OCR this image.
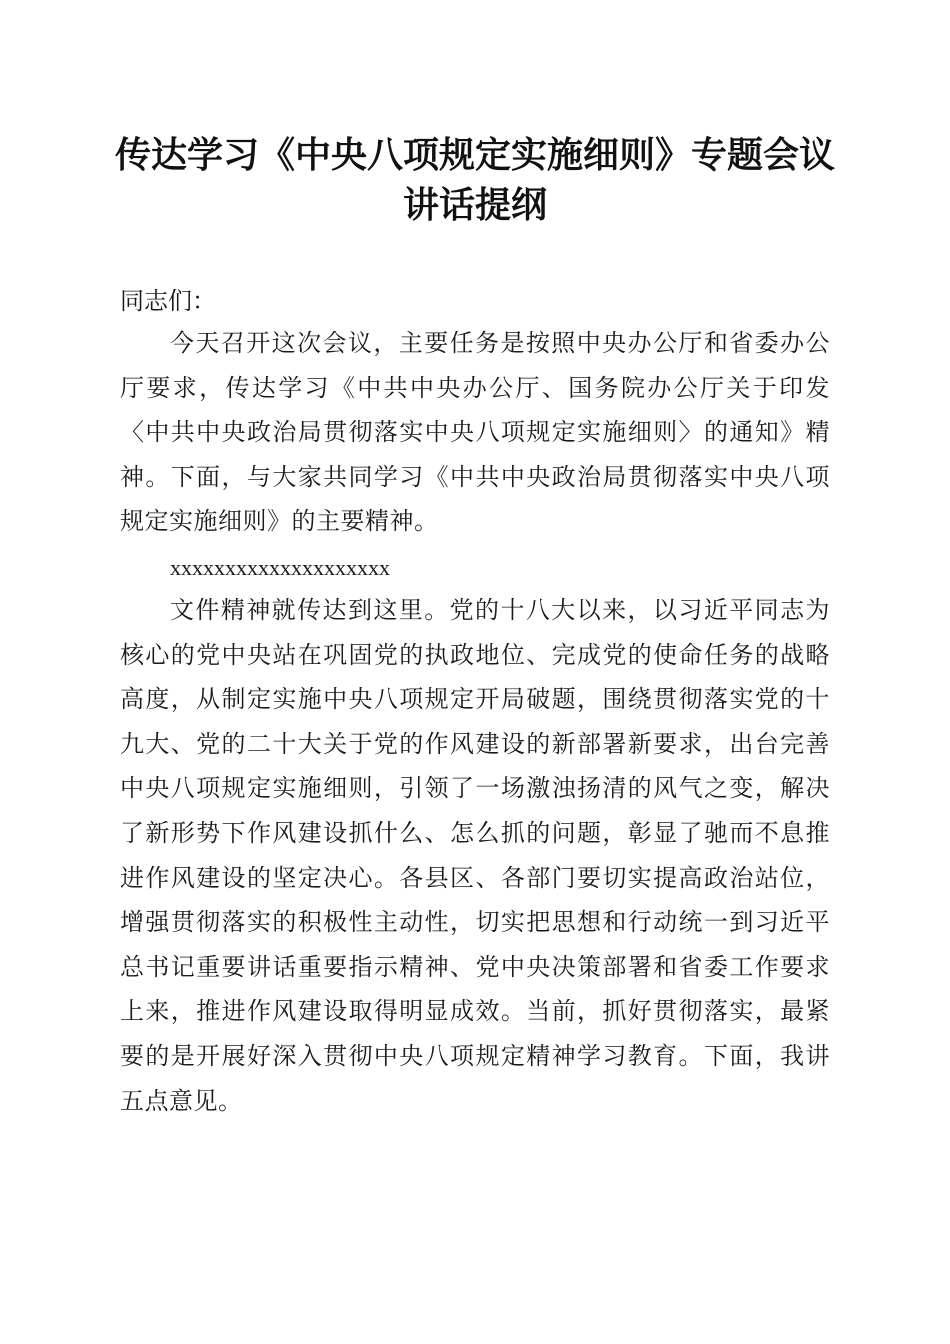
传达学习《中央八项规定实施细则》专题会议
讲话提纲
同志们：

今天召开这次会议，主要任务是按照中央办公厅和省委办公厅要求，传达学习《中共中央办公厅、国务院办公厅关于印发〈中共中央政治局贯彻落实中央八项规定实施细则〉的通知》精神。下面，与大家共同学习《中共中央政治局贯彻落实中央八项规定实施细则》的主要精神。

xxxxxxxxxxxxxxxxxxxx

文件精神就传达到这里。党的十八大以来，以习近平同志为核心的党中央站在巩固党的执政地位、完成党的使命任务的战略高度，从制定实施中央八项规定开局破题，围绕贯彻落实党的十九大、党的二十大关于党的作风建设的新部署新要求，出台完善中央八项规定实施细则，引领了一场激浊扬清的风气之变，解决了新形势下作风建设抓什么、怎么抓的问题，彰显了驰而不息推进作风建设的坚定决心。各县区、各部门要切实提高政治站位，增强贯彻落实的积极性主动性，切实把思想和行动统一到习近平总书记重要讲话重要指示精神、党中央决策部署和省委工作要求上来，推进作风建设取得明显成效。当前，抓好贯彻落实，最紧要的是开展好深入贯彻中央八项规定精神学习教育。下面，我讲五点意见。
